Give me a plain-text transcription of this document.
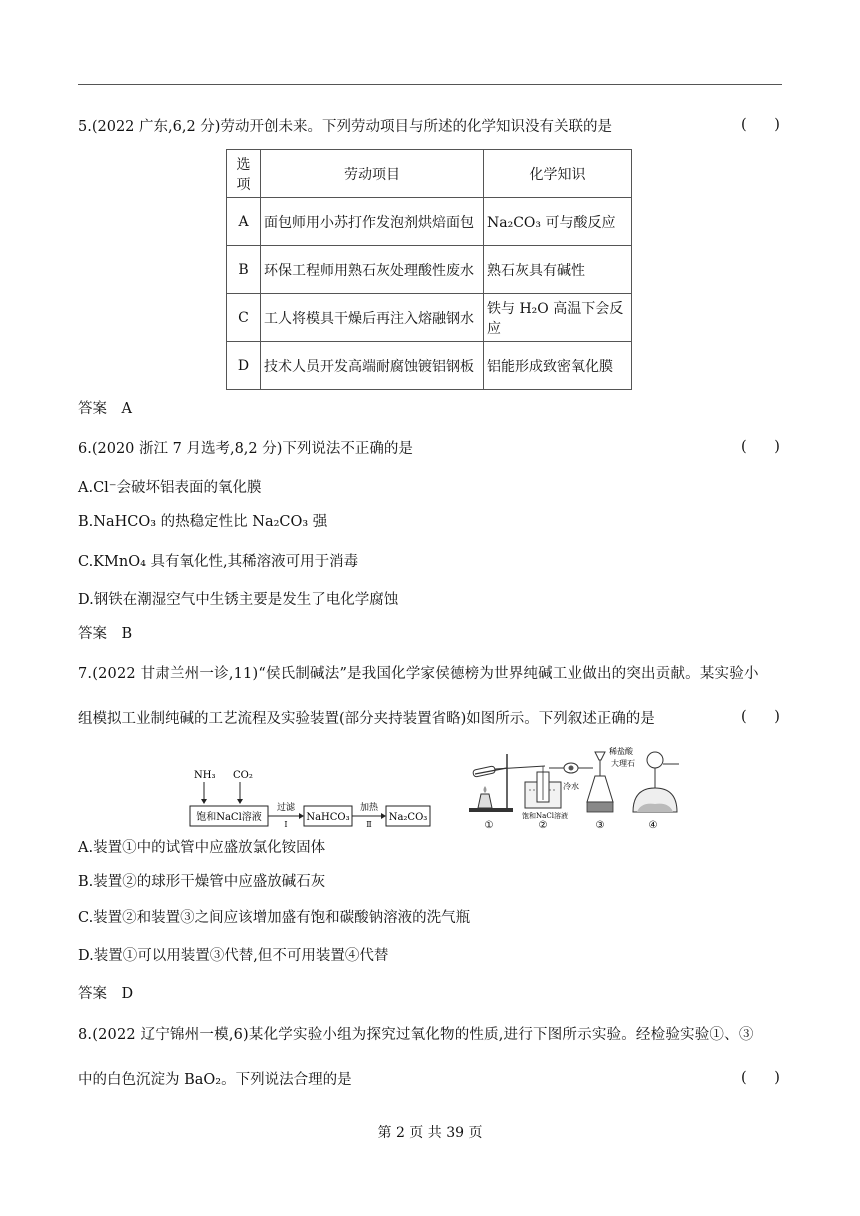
5.(2022 广东,6,2 分)劳动开创未来。下列劳动项目与所述的化学知识没有关联的是	(      )
选项	劳动项目	化学知识
A	面包师用小苏打作发泡剂烘焙面包	Na₂CO₃ 可与酸反应
B	环保工程师用熟石灰处理酸性废水	熟石灰具有碱性
C	工人将模具干燥后再注入熔融钢水	铁与 H₂O 高温下会反应
D	技术人员开发高端耐腐蚀镀铝钢板	铝能形成致密氧化膜
答案　A
6.(2020 浙江 7 月选考,8,2 分)下列说法不正确的是	(      )
A.Cl⁻会破坏铝表面的氧化膜
B.NaHCO₃ 的热稳定性比 Na₂CO₃ 强
C.KMnO₄ 具有氧化性,其稀溶液可用于消毒
D.钢铁在潮湿空气中生锈主要是发生了电化学腐蚀
答案　B
7.(2022 甘肃兰州一诊,11)“侯氏制碱法”是我国化学家侯德榜为世界纯碱工业做出的突出贡献。某实验小
组模拟工业制纯碱的工艺流程及实验装置(部分夹持装置省略)如图所示。下列叙述正确的是	(      )
NH₃ CO₂
饱和NaCl溶液
过滤
Ⅰ
NaHCO₃
加热
Ⅱ
Na₂CO₃
①
冷水
饱和NaCl溶液
②
稀盐酸
大理石
③	④
A.装置①中的试管中应盛放氯化铵固体
B.装置②的球形干燥管中应盛放碱石灰
C.装置②和装置③之间应该增加盛有饱和碳酸钠溶液的洗气瓶
D.装置①可以用装置③代替,但不可用装置④代替
答案　D
8.(2022 辽宁锦州一模,6)某化学实验小组为探究过氧化物的性质,进行下图所示实验。经检验实验①、③
中的白色沉淀为 BaO₂。下列说法合理的是	(      )
第 2 页 共 39 页
